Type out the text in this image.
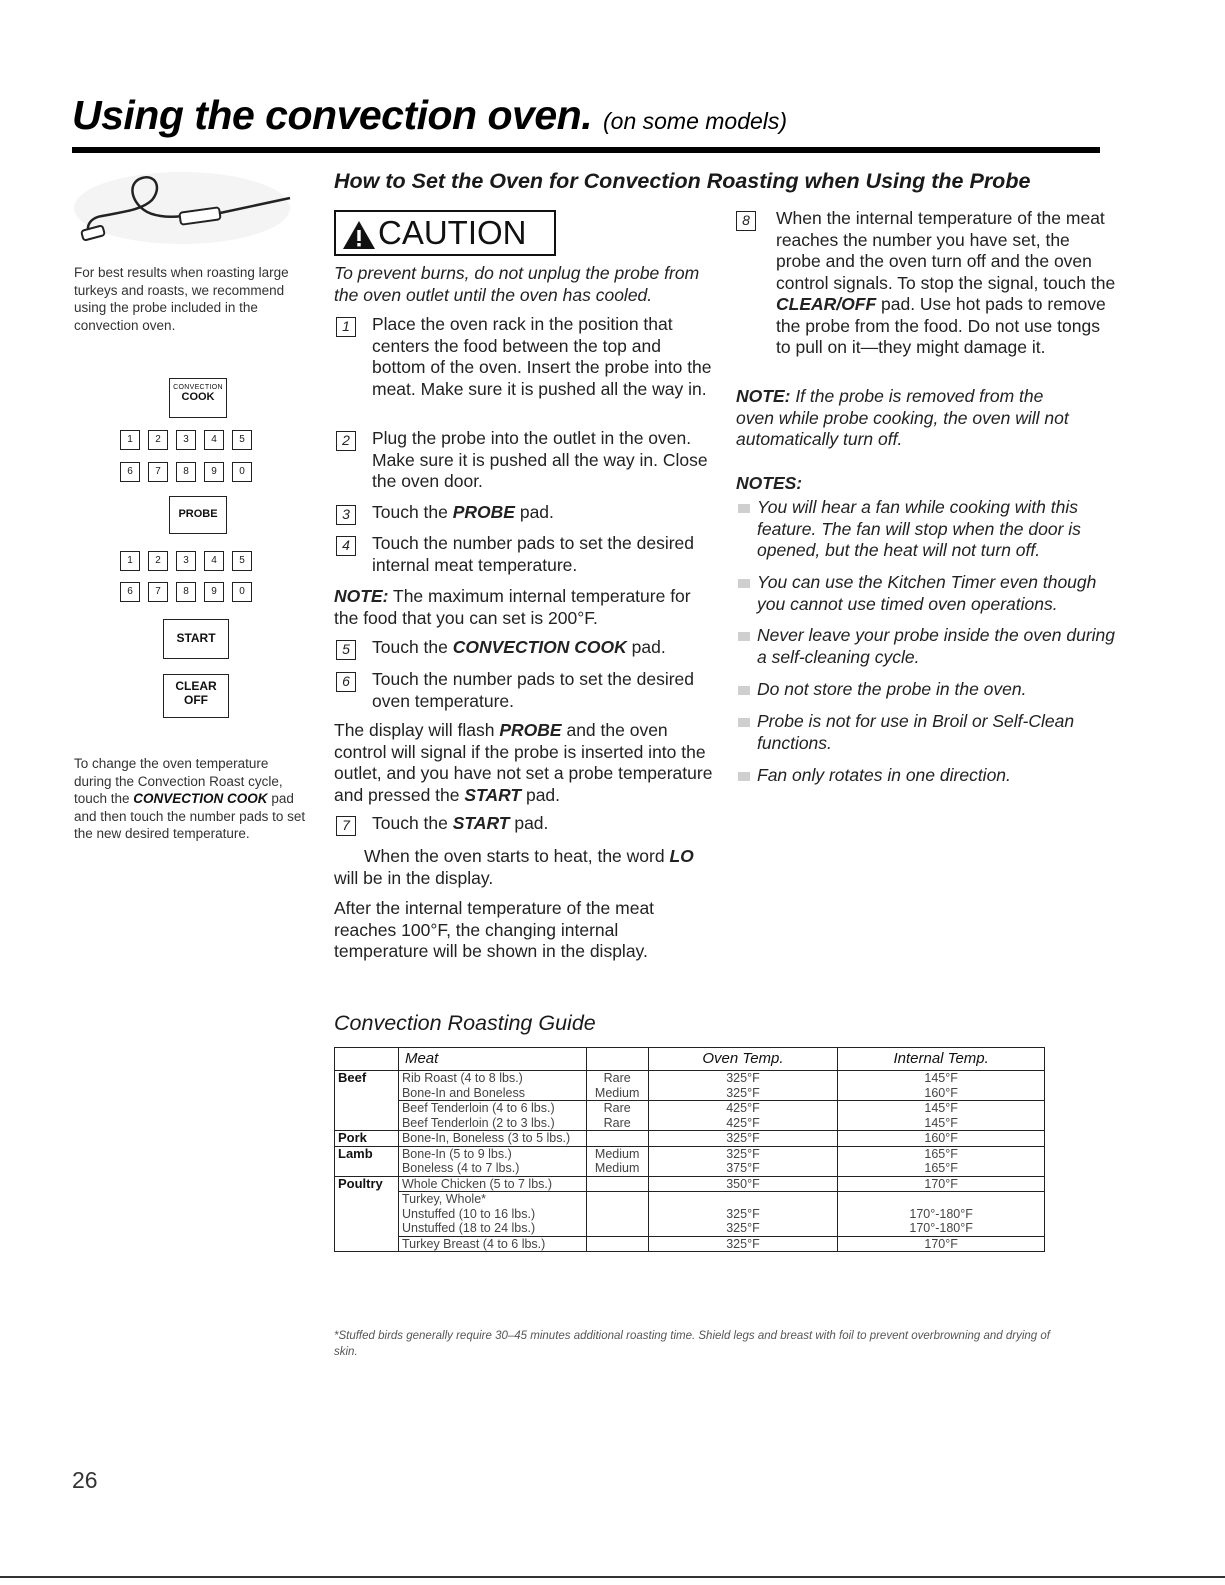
Using the convection oven. (on some models)
For best results when roasting large turkeys and roasts, we recommend using the probe included in the convection oven.
CONVECTION
COOK
1	2	3	4	5
6	7	8	9	0
PROBE
1	2	3	4	5
6	7	8	9	0
START
CLEAR
OFF
To change the oven temperature during the Convection Roast cycle, touch the CONVECTION COOK pad and then touch the number pads to set the new desired temperature.
How to Set the Oven for Convection Roasting when Using the Probe
CAUTION
To prevent burns, do not unplug the probe from the oven outlet until the oven has cooled.
1	Place the oven rack in the position that centers the food between the top and bottom of the oven. Insert the probe into the meat. Make sure it is pushed all the way in.
2	Plug the probe into the outlet in the oven. Make sure it is pushed all the way in. Close the oven door.
3	Touch the PROBE pad.
4	Touch the number pads to set the desired internal meat temperature.
NOTE: The maximum internal temperature for the food that you can set is 200°F.
5	Touch the CONVECTION COOK pad.
6	Touch the number pads to set the desired oven temperature.
The display will flash PROBE and the oven control will signal if the probe is inserted into the outlet, and you have not set a probe temperature and pressed the START pad.
7	Touch the START pad.
When the oven starts to heat, the word LO will be in the display.
After the internal temperature of the meat reaches 100°F, the changing internal temperature will be shown in the display.
8	When the internal temperature of the meat reaches the number you have set, the probe and the oven turn off and the oven control signals. To stop the signal, touch the CLEAR/OFF pad. Use hot pads to remove the probe from the food. Do not use tongs to pull on it—they might damage it.
NOTE: If the probe is removed from the oven while probe cooking, the oven will not automatically turn off.
NOTES:
You will hear a fan while cooking with this feature. The fan will stop when the door is opened, but the heat will not turn off.
You can use the Kitchen Timer even though you cannot use timed oven operations.
Never leave your probe inside the oven during a self-cleaning cycle.
Do not store the probe in the oven.
Probe is not for use in Broil or Self-Clean functions.
Fan only rotates in one direction.
Convection Roasting Guide
	Meat		Oven Temp.	Internal Temp.
Beef	Rib Roast (4 to 8 lbs.)	Rare	325°F	145°F
	Bone-In and Boneless	Medium	325°F	160°F
	Beef Tenderloin (4 to 6 lbs.)	Rare	425°F	145°F
	Beef Tenderloin (2 to 3 lbs.)	Rare	425°F	145°F
Pork	Bone-In, Boneless (3 to 5 lbs.)		325°F	160°F
Lamb	Bone-In (5 to 9 lbs.)	Medium	325°F	165°F
	Boneless (4 to 7 lbs.)	Medium	375°F	165°F
Poultry	Whole Chicken (5 to 7 lbs.)		350°F	170°F
	Turkey, Whole*			
	Unstuffed (10 to 16 lbs.)		325°F	170°-180°F
	Unstuffed (18 to 24 lbs.)		325°F	170°-180°F
	Turkey Breast (4 to 6 lbs.)		325°F	170°F
*Stuffed birds generally require 30–45 minutes additional roasting time. Shield legs and breast with foil to prevent overbrowning and drying of skin.
26
